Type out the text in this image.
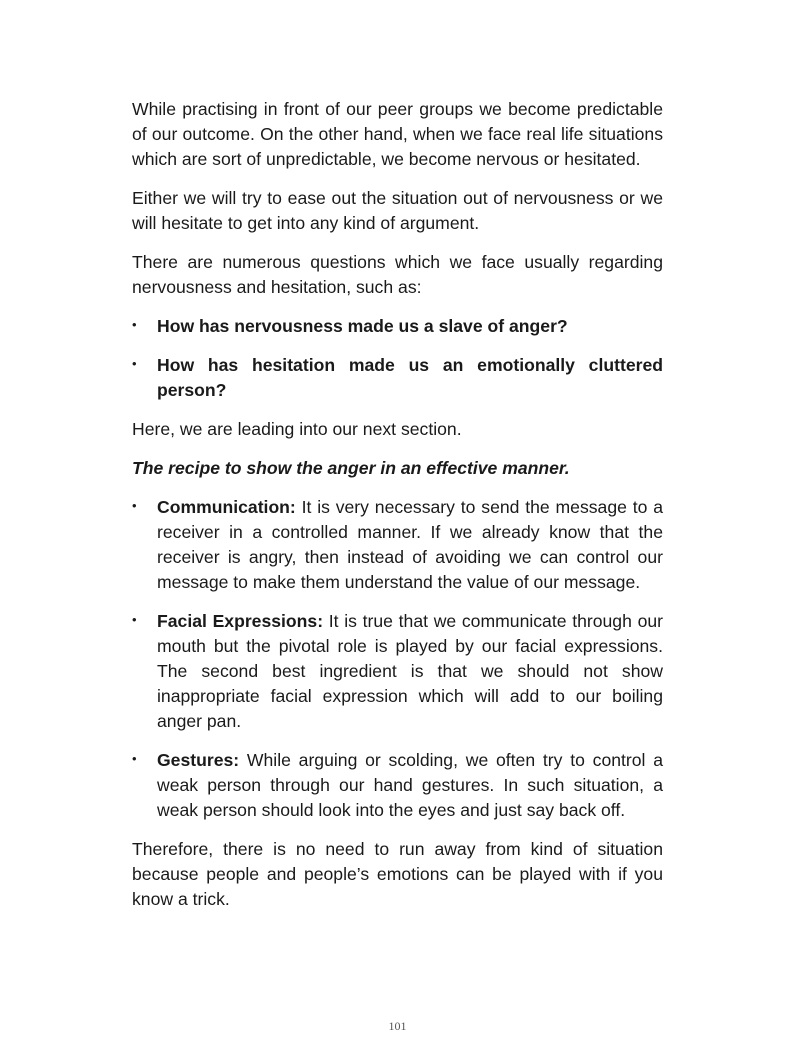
While practising in front of our peer groups we become predictable of our outcome. On the other hand, when we face real life situations which are sort of unpredictable, we become nervous or hesitated.

Either we will try to ease out the situation out of nervousness or we will hesitate to get into any kind of argument.

There are numerous questions which we face usually regarding nervousness and hesitation, such as:

• How has nervousness made us a slave of anger?
• How has hesitation made us an emotionally cluttered person?

Here, we are leading into our next section.

The recipe to show the anger in an effective manner.

• Communication: It is very necessary to send the message to a receiver in a controlled manner. If we already know that the receiver is angry, then instead of avoiding we can control our message to make them understand the value of our message.
• Facial Expressions: It is true that we communicate through our mouth but the pivotal role is played by our facial expressions. The second best ingredient is that we should not show inappropriate facial expression which will add to our boiling anger pan.
• Gestures: While arguing or scolding, we often try to control a weak person through our hand gestures. In such situation, a weak person should look into the eyes and just say back off.

Therefore, there is no need to run away from kind of situation because people and people’s emotions can be played with if you know a trick.

101
